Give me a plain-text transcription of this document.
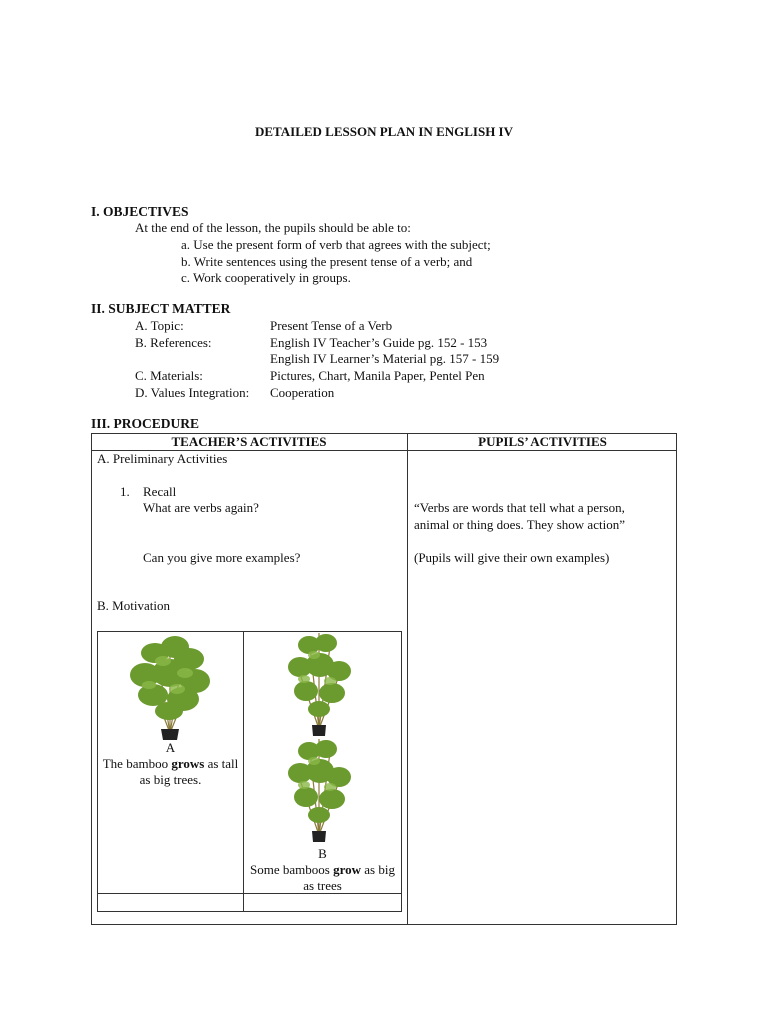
DETAILED LESSON PLAN IN ENGLISH IV
I. OBJECTIVES
At the end of the lesson, the pupils should be able to:
a. Use the present form of verb that agrees with the subject;
b. Write sentences using the present tense of a verb; and
c. Work cooperatively in groups.
II. SUBJECT MATTER
A. Topic:	Present Tense of a Verb
B. References:	English IV Teacher’s Guide pg. 152 - 153
English IV Learner’s Material pg. 157 - 159
C. Materials:	Pictures, Chart, Manila Paper, Pentel Pen
D. Values Integration: Cooperation
III. PROCEDURE
TEACHER’S ACTIVITIES	PUPILS’ ACTIVITIES
A. Preliminary Activities
1. Recall
What are verbs again?	“Verbs are words that tell what a person,
animal or thing does. They show action”
Can you give more examples?	(Pupils will give their own examples)
B. Motivation
A
The bamboo grows as tall as big trees.
B
Some bamboos grow as big as trees
